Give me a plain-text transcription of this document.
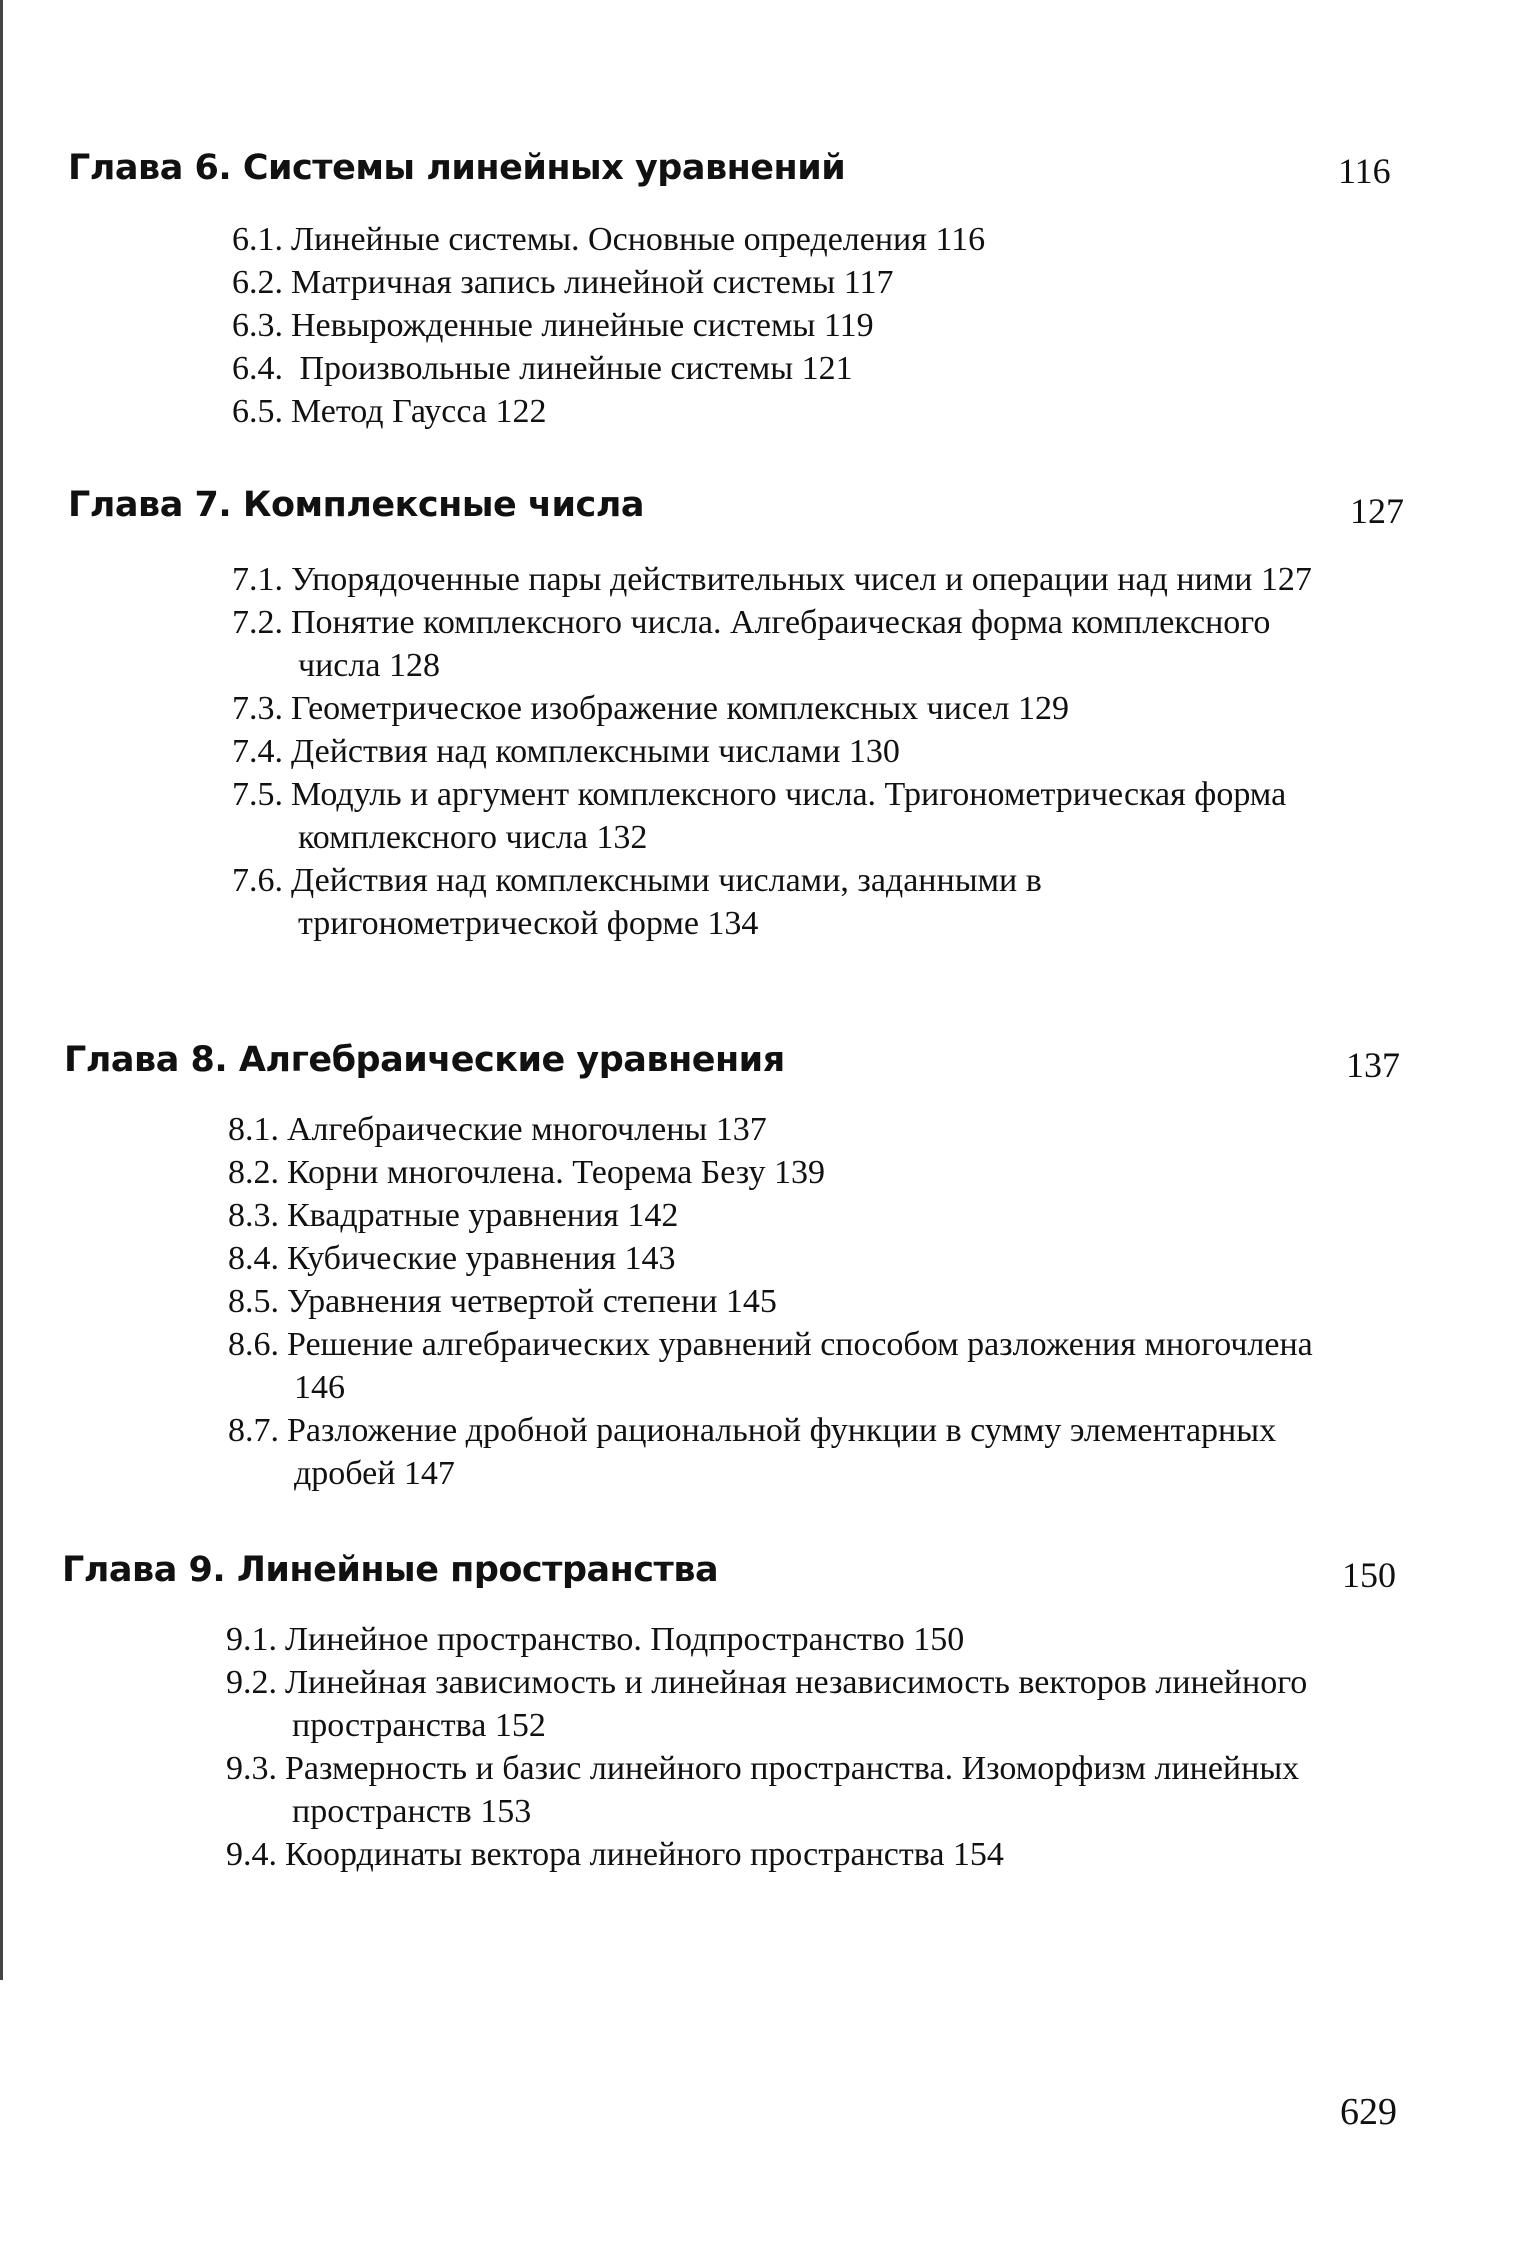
Глава 6. Системы линейных уравнений	116
6.1. Линейные системы. Основные определения 116
6.2. Матричная запись линейной системы 117
6.3. Невырожденные линейные системы 119
6.4. Произвольные линейные системы 121
6.5. Метод Гаусса 122
Глава 7. Комплексные числа	127
7.1. Упорядоченные пары действительных чисел и операции над ними 127
7.2. Понятие комплексного числа. Алгебраическая форма комплексного числа 128
7.3. Геометрическое изображение комплексных чисел 129
7.4. Действия над комплексными числами 130
7.5. Модуль и аргумент комплексного числа. Тригонометрическая форма комплексного числа 132
7.6. Действия над комплексными числами, заданными в тригонометрической форме 134
Глава 8. Алгебраические уравнения	137
8.1. Алгебраические многочлены 137
8.2. Корни многочлена. Теорема Безу 139
8.3. Квадратные уравнения 142
8.4. Кубические уравнения 143
8.5. Уравнения четвертой степени 145
8.6. Решение алгебраических уравнений способом разложения многочлена 146
8.7. Разложение дробной рациональной функции в сумму элементарных дробей 147
Глава 9. Линейные пространства	150
9.1. Линейное пространство. Подпространство 150
9.2. Линейная зависимость и линейная независимость векторов линейного пространства 152
9.3. Размерность и базис линейного пространства. Изоморфизм линейных пространств 153
9.4. Координаты вектора линейного пространства 154
629
